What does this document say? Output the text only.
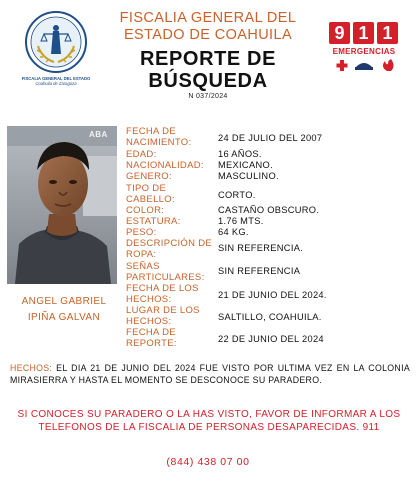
FISCALIA GENERAL DEL ESTADO
Coahuila de Zaragoza
FISCALIA GENERAL DEL
ESTADO DE COAHUILA
REPORTE DE
BÚSQUEDA
N 037/2024
9 1 1
EMERGENCIAS
ABA
ANGEL GABRIEL
IPIÑA GALVAN
FECHA DE
NACIMIENTO:	24 DE JULIO DEL 2007
EDAD:	16 AÑOS.
NACIONALIDAD:	MEXICANO.
GENERO:	MASCULINO.
TIPO DE
CABELLO:	CORTO.
COLOR:	CASTAÑO OBSCURO.
ESTATURA:	1.76 MTS.
PESO:	64 KG.
DESCRIPCIÓN DE
ROPA:
SIN REFERENCIA.
SEÑAS
PARTICULARES:
SIN REFERENCIA
FECHA DE LOS
HECHOS:	21 DE JUNIO DEL 2024.
LUGAR DE LOS
HECHOS:	SALTILLO, COAHUILA.
FECHA DE
REPORTE:	22 DE JUNIO DEL 2024
HECHOS: EL DIA 21 DE JUNIO DEL 2024 FUE VISTO POR ULTIMA VEZ EN LA COLONIA MIRASIERRA Y HASTA EL MOMENTO SE DESCONOCE SU PARADERO.
SI CONOCES SU PARADERO O LA HAS VISTO, FAVOR DE INFORMAR A LOS TELEFONOS DE LA FISCALIA DE PERSONAS DESAPARECIDAS. 911
(844) 438 07 00
